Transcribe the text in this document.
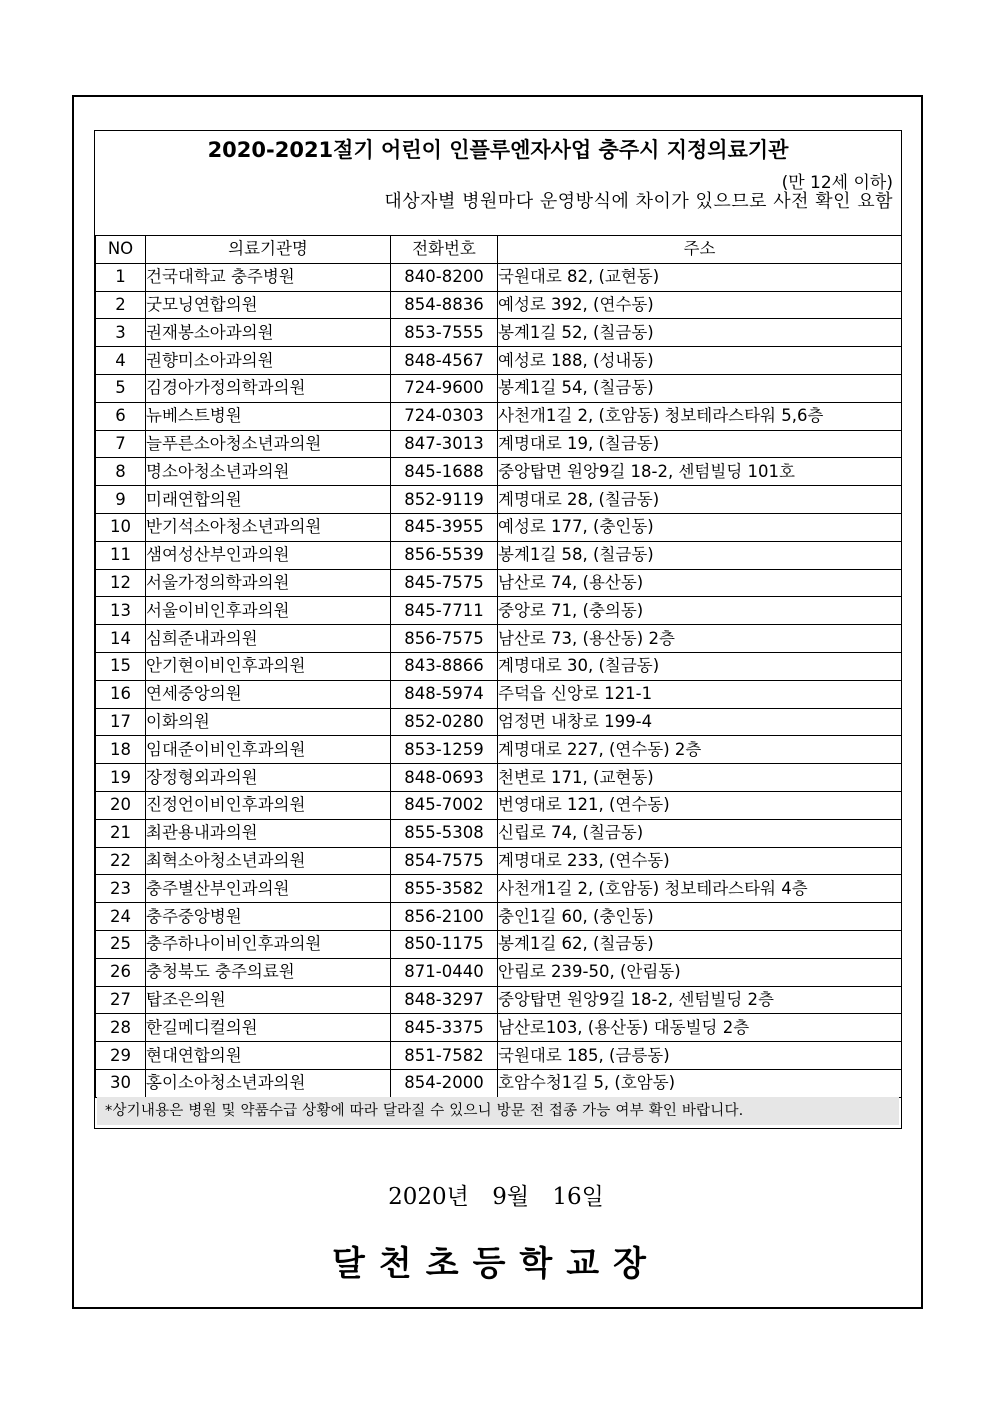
2020-2021절기 어린이 인플루엔자사업 충주시 지정의료기관
(만 12세 이하)
대상자별 병원마다 운영방식에 차이가 있으므로 사전 확인 요함
NO	의료기관명	전화번호	주소
1	건국대학교 충주병원	840-8200	국원대로 82, (교현동)
2	굿모닝연합의원	854-8836	예성로 392, (연수동)
3	권재봉소아과의원	853-7555	봉계1길 52, (칠금동)
4	권향미소아과의원	848-4567	예성로 188, (성내동)
5	김경아가정의학과의원	724-9600	봉계1길 54, (칠금동)
6	뉴베스트병원	724-0303	사천개1길 2, (호암동) 청보테라스타워 5,6층
7	늘푸른소아청소년과의원	847-3013	계명대로 19, (칠금동)
8	명소아청소년과의원	845-1688	중앙탑면 원앙9길 18-2, 센텀빌딩 101호
9	미래연합의원	852-9119	계명대로 28, (칠금동)
10	반기석소아청소년과의원	845-3955	예성로 177, (충인동)
11	샘여성산부인과의원	856-5539	봉계1길 58, (칠금동)
12	서울가정의학과의원	845-7575	남산로 74, (용산동)
13	서울이비인후과의원	845-7711	중앙로 71, (충의동)
14	심희준내과의원	856-7575	남산로 73, (용산동) 2층
15	안기현이비인후과의원	843-8866	계명대로 30, (칠금동)
16	연세중앙의원	848-5974	주덕읍 신앙로 121-1
17	이화의원	852-0280	엄정면 내창로 199-4
18	임대준이비인후과의원	853-1259	계명대로 227, (연수동) 2층
19	장정형외과의원	848-0693	천변로 171, (교현동)
20	진정언이비인후과의원	845-7002	번영대로 121, (연수동)
21	최관용내과의원	855-5308	신립로 74, (칠금동)
22	최혁소아청소년과의원	854-7575	계명대로 233, (연수동)
23	충주별산부인과의원	855-3582	사천개1길 2, (호암동) 청보테라스타워 4층
24	충주중앙병원	856-2100	충인1길 60, (충인동)
25	충주하나이비인후과의원	850-1175	봉계1길 62, (칠금동)
26	충청북도 충주의료원	871-0440	안림로 239-50, (안림동)
27	탑조은의원	848-3297	중앙탑면 원앙9길 18-2, 센텀빌딩 2층
28	한길메디컬의원	845-3375	남산로103, (용산동) 대동빌딩 2층
29	현대연합의원	851-7582	국원대로 185, (금릉동)
30	홍이소아청소년과의원	854-2000	호암수청1길 5, (호암동)
*상기내용은 병원 및 약품수급 상황에 따라 달라질 수 있으니 방문 전 접종 가능 여부 확인 바랍니다.
2020년 9월 16일
달천초등학교장
